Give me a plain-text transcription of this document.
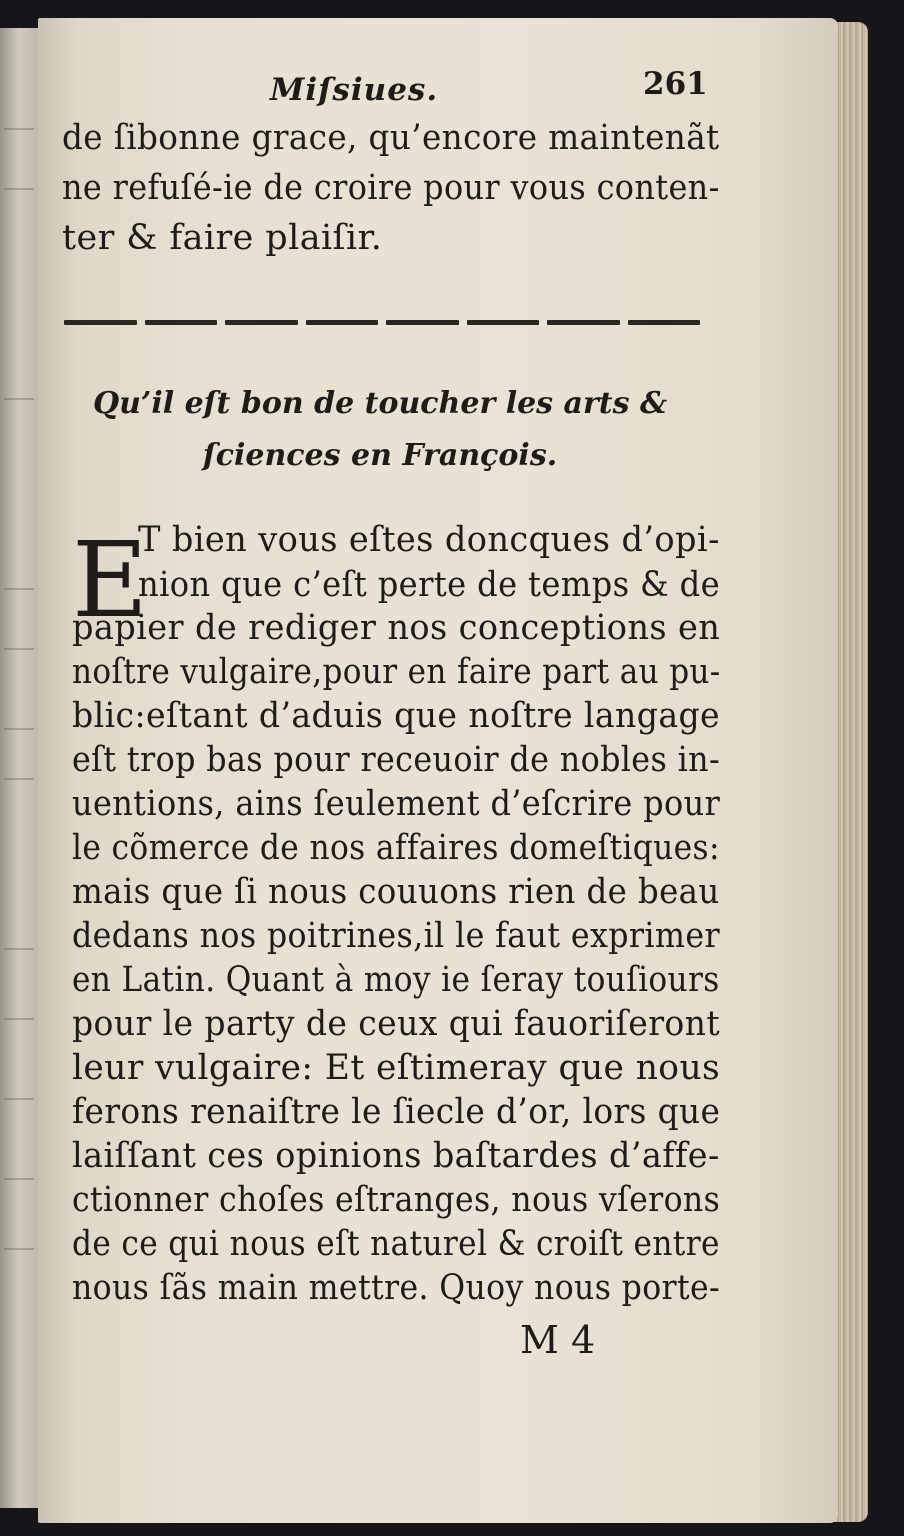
Miſsiues.	261
de ſibonne grace, qu’encore maintenãt
ne refuſé-ie de croire pour vous conten-
ter & faire plaiſir.
Qu’il eſt bon de toucher les arts &
ſciences en François.
E
T bien vous eſtes doncques d’opi-
nion que c’eſt perte de temps & de
papier de rediger nos conceptions en
noſtre vulgaire,pour en faire part au pu-
blic:eſtant d’aduis que noſtre langage
eſt trop bas pour receuoir de nobles in-
uentions, ains ſeulement d’eſcrire pour
le cõmerce de nos affaires domeſtiques:
mais que ſi nous couuons rien de beau
dedans nos poitrines,il le faut exprimer
en Latin. Quant à moy ie ſeray touſiours
pour le party de ceux qui fauoriſeront
leur vulgaire: Et eſtimeray que nous
ferons renaiſtre le ſiecle d’or, lors que
laiſſant ces opinions baſtardes d’affe-
ctionner choſes eſtranges, nous vſerons
de ce qui nous eſt naturel & croiſt entre
nous ſãs main mettre. Quoy nous porte-
M 4
